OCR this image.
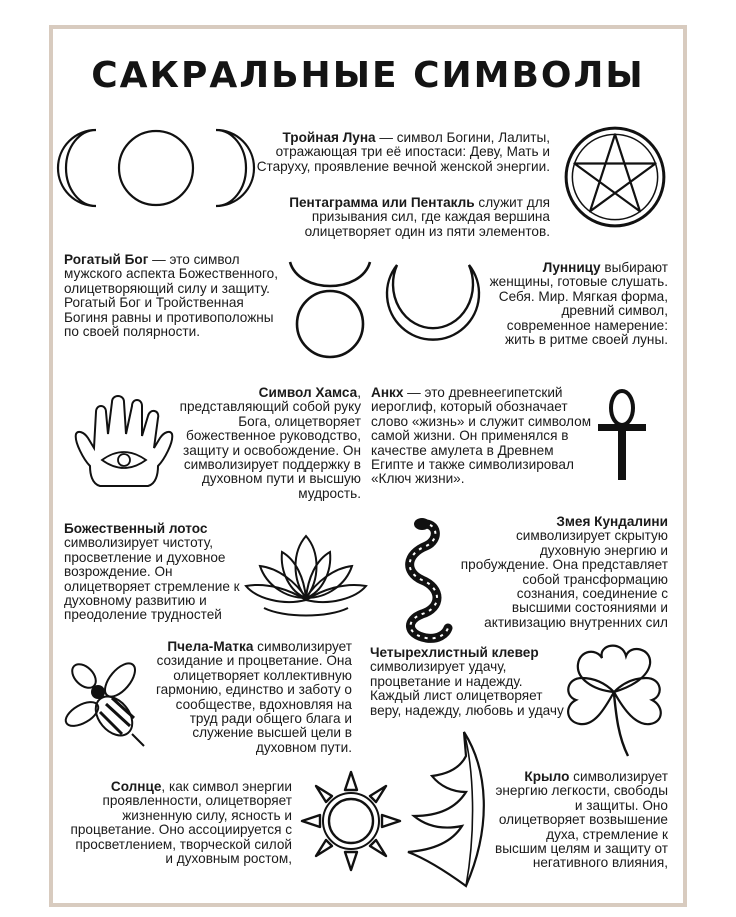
САКРАЛЬНЫЕ СИМВОЛЫ

Тройная Луна — символ Богини, Лалиты, отражающая три её ипостаси: Деву, Мать и Старуху, проявление вечной женской энергии.

Пентаграмма или Пентакль служит для призывания сил, где каждая вершина олицетворяет один из пяти элементов.

Рогатый Бог — это символ мужского аспекта Божественного, олицетворяющий силу и защиту. Рогатый Бог и Тройственная Богиня равны и противоположны по своей полярности.

Лунницу выбирают женщины, готовые слушать. Себя. Мир. Мягкая форма, древний символ, современное намерение: жить в ритме своей луны.

Символ Хамса, представляющий собой руку Бога, олицетворяет божественное руководство, защиту и освобождение. Он символизирует поддержку в духовном пути и высшую мудрость.

Анкх — это древнеегипетский иероглиф, который обозначает слово «жизнь» и служит символом самой жизни. Он применялся в качестве амулета в Древнем Египте и также символизировал «Ключ жизни».

Божественный лотос символизирует чистоту, просветление и духовное возрождение. Он олицетворяет стремление к духовному развитию и преодоление трудностей

Змея Кундалини символизирует скрытую духовную энергию и пробуждение. Она представляет собой трансформацию сознания, соединение с высшими состояниями и активизацию внутренних сил

Пчела-Матка символизирует созидание и процветание. Она олицетворяет коллективную гармонию, единство и заботу о сообществе, вдохновляя на труд ради общего блага и служение высшей цели в духовном пути.

Четырехлистный клевер символизирует удачу, процветание и надежду. Каждый лист олицетворяет веру, надежду, любовь и удачу

Крыло символизирует энергию легкости, свободы и защиты. Оно олицетворяет возвышение духа, стремление к высшим целям и защиту от негативного влияния,

Солнце, как символ энергии проявленности, олицетворяет жизненную силу, ясность и процветание. Оно ассоциируется с просветлением, творческой силой и духовным ростом,
